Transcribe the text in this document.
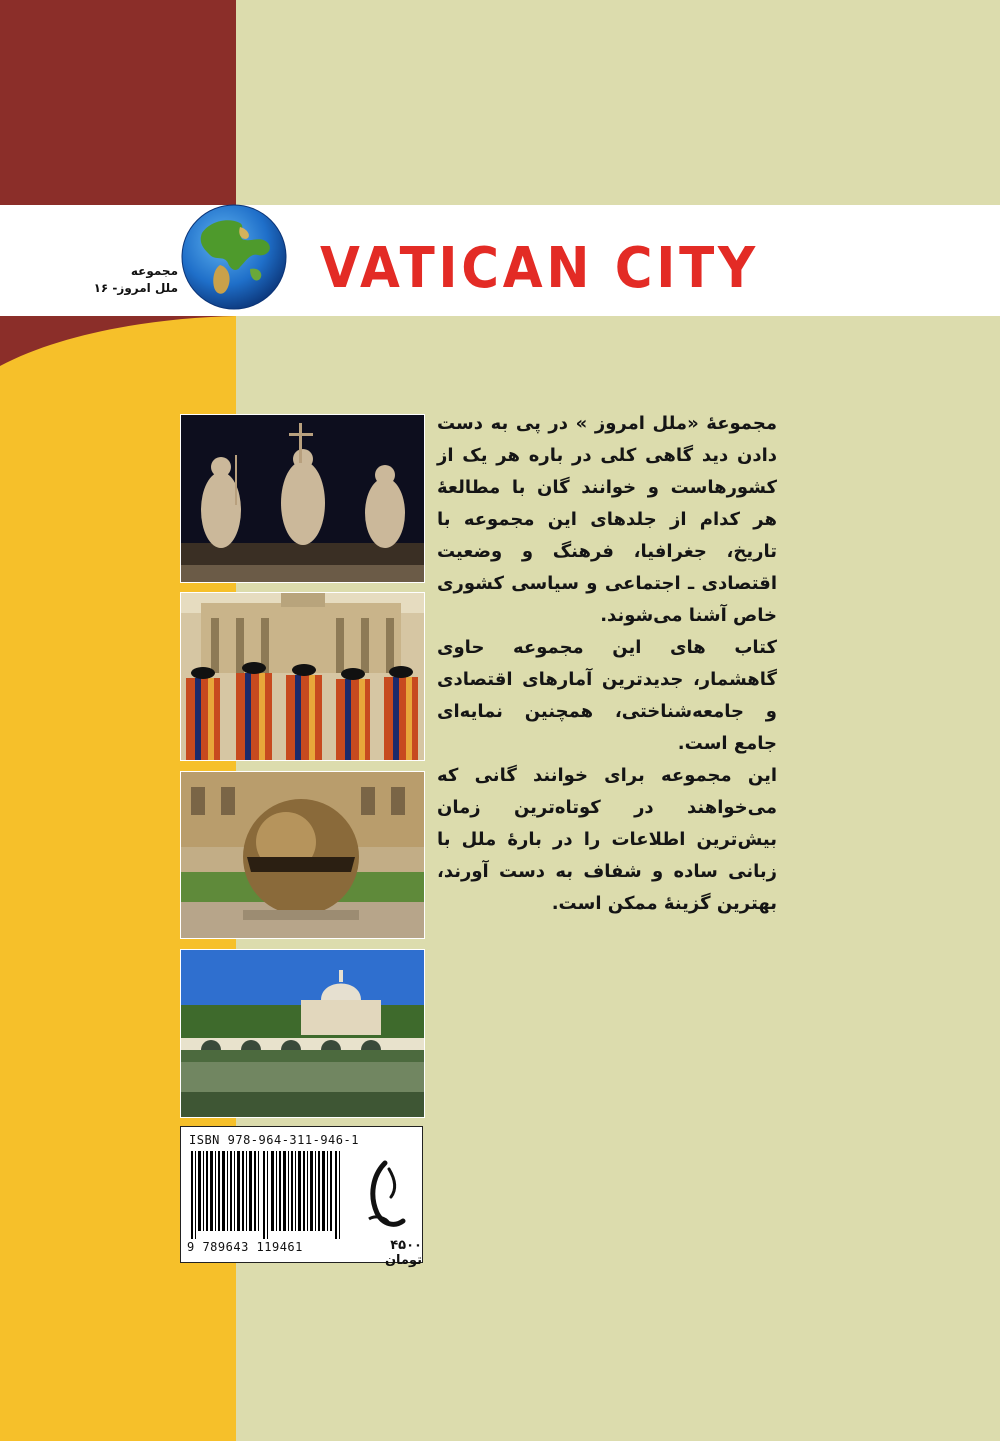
VATICAN CITY
مجموعه
ملل امروز- ۱۶

مجموعهٔ «ملل امروز » در پی به دست دادن دید گاهی کلی در باره هر یک از کشورهاست و خوانند گان با مطالعهٔ هر کدام از جلدهای این مجموعه با تاریخ، جغرافیا، فرهنگ و وضعیت اقتصادی ـ اجتماعی و سیاسی کشوری خاص آشنا می‌شوند.

کتاب های این مجموعه حاوی گاهشمار، جدید‌ترین آمارهای اقتصادی و جامعه‌شناختی، همچنین نمایه‌ای جامع است.

این مجموعه برای خوانند گانی که می‌خواهند در کوتاه‌ترین زمان بیش‌ترین اطلاعات را در بارهٔ ملل با زبانی ساده و شفاف به دست آورند، بهترین گزینهٔ ممکن است.

ISBN 978-964-311-946-1
9 789643 119461	۴۵۰۰ تومان
